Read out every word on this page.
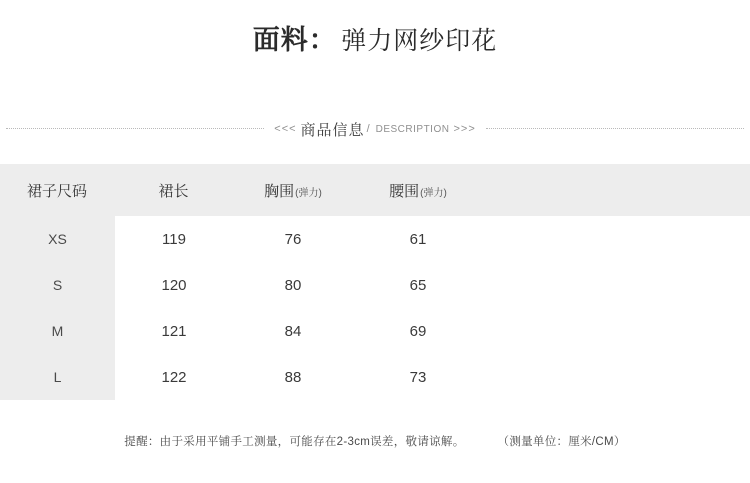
面料： 弹力网纱印花
<<< 商品信息 / DESCRIPTION >>>
裙子尺码	裙长	胸围 (弹力)	腰围 (弹力)
XS	119	76	61
S	120	80	65
M	121	84	69
L	122	88	73
提醒：由于采用平铺手工测量，可能存在2-3cm误差，敬请谅解。	（测量单位：厘米/CM）
